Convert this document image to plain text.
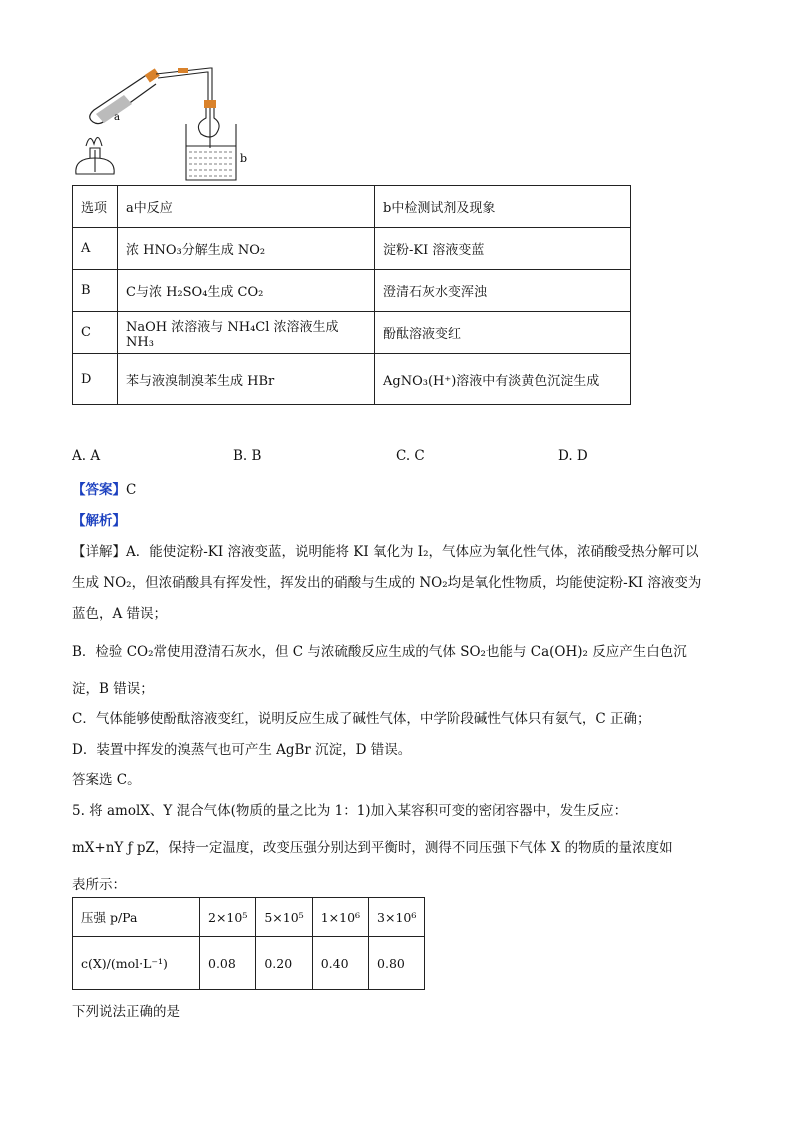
a
b
选项	a中反应	b中检测试剂及现象
A	浓 HNO₃分解生成 NO₂	淀粉-KI 溶液变蓝
B	C与浓 H₂SO₄生成 CO₂	澄清石灰水变浑浊
C	NaOH 浓溶液与 NH₄Cl 浓溶液生成 NH₃	酚酞溶液变红
D	苯与液溴制溴苯生成 HBr	AgNO₃(H⁺)溶液中有淡黄色沉淀生成
A. A	B. B	C. C	D. D
【答案】C
【解析】
【详解】A．能使淀粉-KI 溶液变蓝，说明能将 KI 氧化为 I₂，气体应为氧化性气体，浓硝酸受热分解可以
生成 NO₂，但浓硝酸具有挥发性，挥发出的硝酸与生成的 NO₂均是氧化性物质，均能使淀粉-KI 溶液变为
蓝色，A 错误；
B．检验 CO₂常使用澄清石灰水，但 C 与浓硫酸反应生成的气体 SO₂也能与 Ca(OH)₂ 反应产生白色沉
淀，B 错误；
C．气体能够使酚酞溶液变红，说明反应生成了碱性气体，中学阶段碱性气体只有氨气，C 正确；
D．装置中挥发的溴蒸气也可产生 AgBr 沉淀，D 错误。
答案选 C。
5. 将 amolX、Y 混合气体(物质的量之比为 1：1)加入某容积可变的密闭容器中，发生反应：
mX+nY ƒ pZ，保持一定温度，改变压强分别达到平衡时，测得不同压强下气体 X 的物质的量浓度如
表所示：
压强 p/Pa	2×10⁵	5×10⁵	1×10⁶	3×10⁶
c(X)/(mol·L⁻¹)	0.08	0.20	0.40	0.80
下列说法正确的是
